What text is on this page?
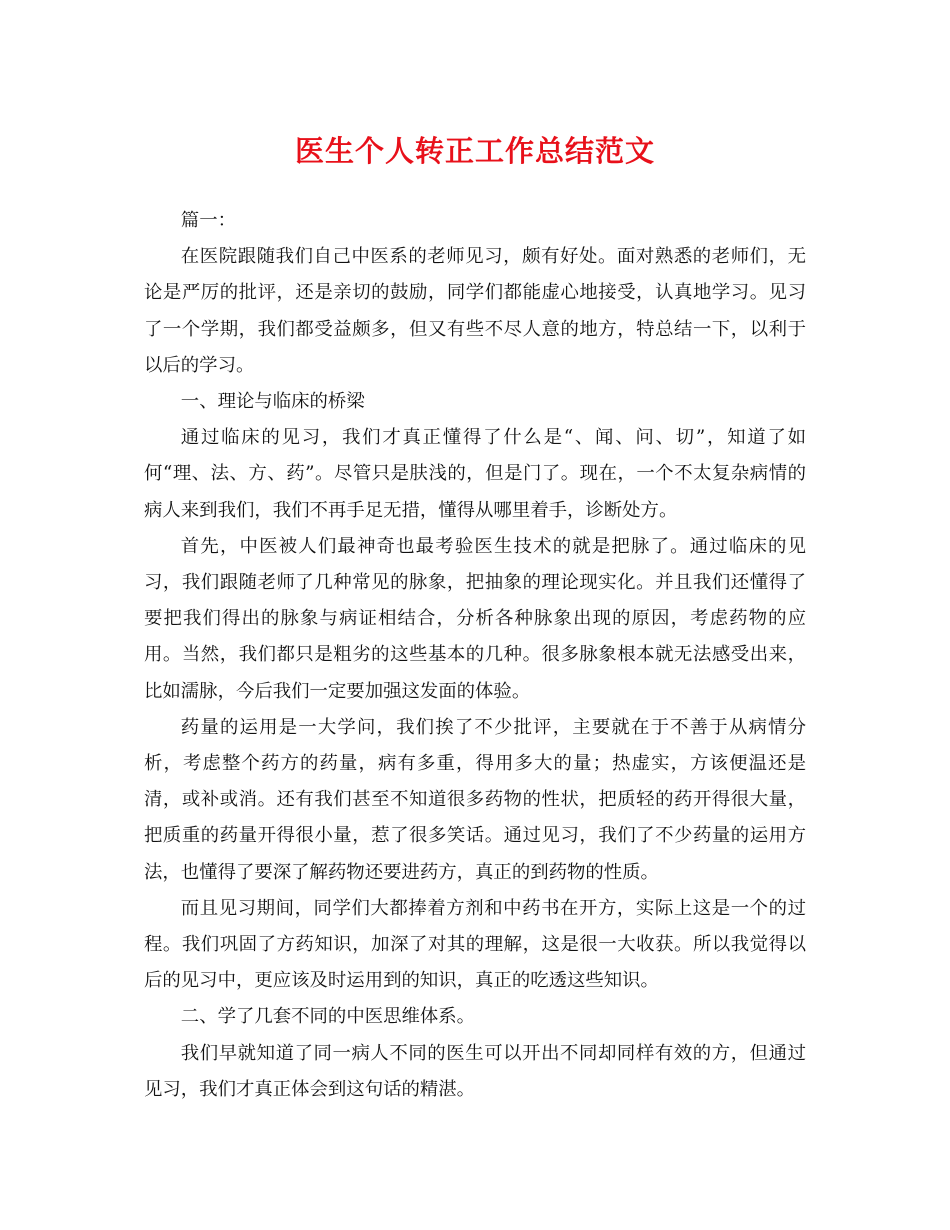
医生个人转正工作总结范文

篇一：

在医院跟随我们自己中医系的老师见习，颇有好处。面对熟悉的老师们，无论是严厉的批评，还是亲切的鼓励，同学们都能虚心地接受，认真地学习。见习了一个学期，我们都受益颇多，但又有些不尽人意的地方，特总结一下，以利于以后的学习。

一、理论与临床的桥梁

通过临床的见习，我们才真正懂得了什么是“、闻、问、切”，知道了如何“理、法、方、药”。尽管只是肤浅的，但是门了。现在，一个不太复杂病情的病人来到我们，我们不再手足无措，懂得从哪里着手，诊断处方。

首先，中医被人们最神奇也最考验医生技术的就是把脉了。通过临床的见习，我们跟随老师了几种常见的脉象，把抽象的理论现实化。并且我们还懂得了要把我们得出的脉象与病证相结合，分析各种脉象出现的原因，考虑药物的应用。当然，我们都只是粗劣的这些基本的几种。很多脉象根本就无法感受出来，比如濡脉，今后我们一定要加强这发面的体验。

药量的运用是一大学问，我们挨了不少批评，主要就在于不善于从病情分析，考虑整个药方的药量，病有多重，得用多大的量；热虚实，方该便温还是清，或补或消。还有我们甚至不知道很多药物的性状，把质轻的药开得很大量，把质重的药量开得很小量，惹了很多笑话。通过见习，我们了不少药量的运用方法，也懂得了要深了解药物还要进药方，真正的到药物的性质。

而且见习期间，同学们大都捧着方剂和中药书在开方，实际上这是一个的过程。我们巩固了方药知识，加深了对其的理解，这是很一大收获。所以我觉得以后的见习中，更应该及时运用到的知识，真正的吃透这些知识。

二、学了几套不同的中医思维体系。

我们早就知道了同一病人不同的医生可以开出不同却同样有效的方，但通过见习，我们才真正体会到这句话的精湛。
